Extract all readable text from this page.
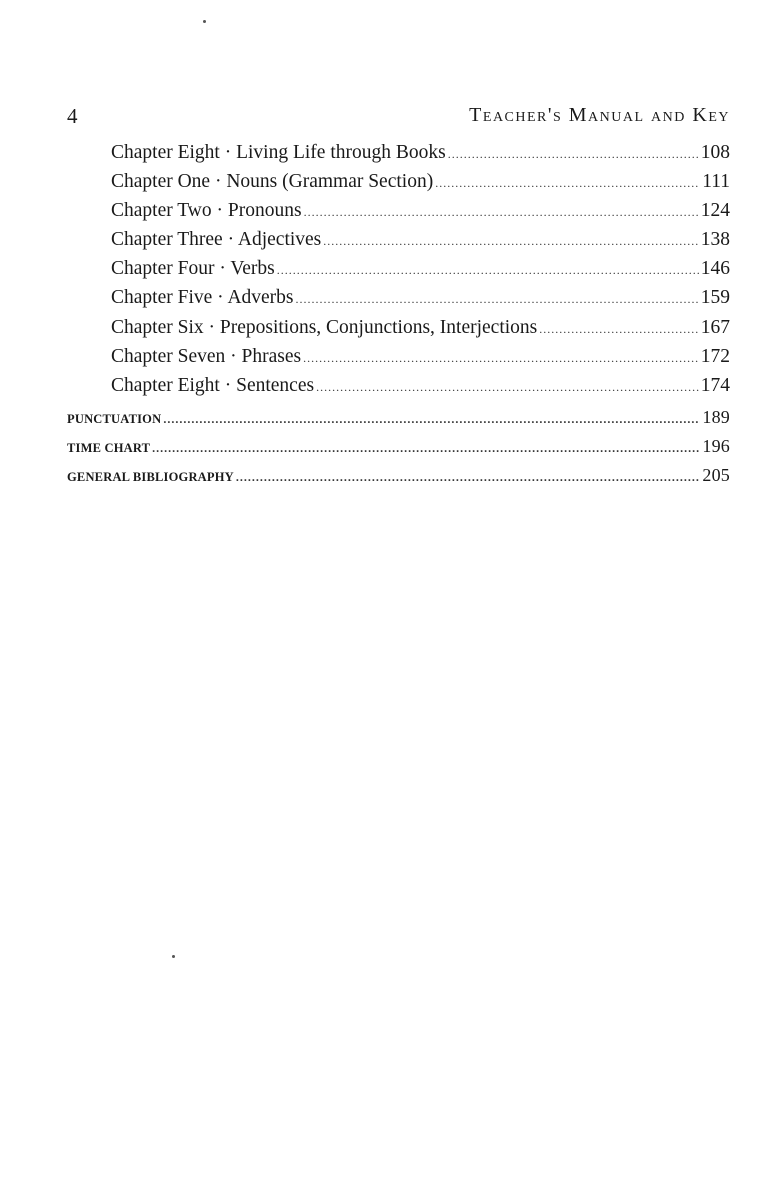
4	Teacher's Manual and Key
Chapter Eight · Living Life through Books .....	108
Chapter One · Nouns (Grammar Section) .....	111
Chapter Two · Pronouns .....	124
Chapter Three · Adjectives .....	138
Chapter Four · Verbs .....	146
Chapter Five · Adverbs .....	159
Chapter Six · Prepositions, Conjunctions, Interjections .....	167
Chapter Seven · Phrases .....	172
Chapter Eight · Sentences .....	174
PUNCTUATION .....	189
TIME CHART .....	196
GENERAL BIBLIOGRAPHY .....	205
